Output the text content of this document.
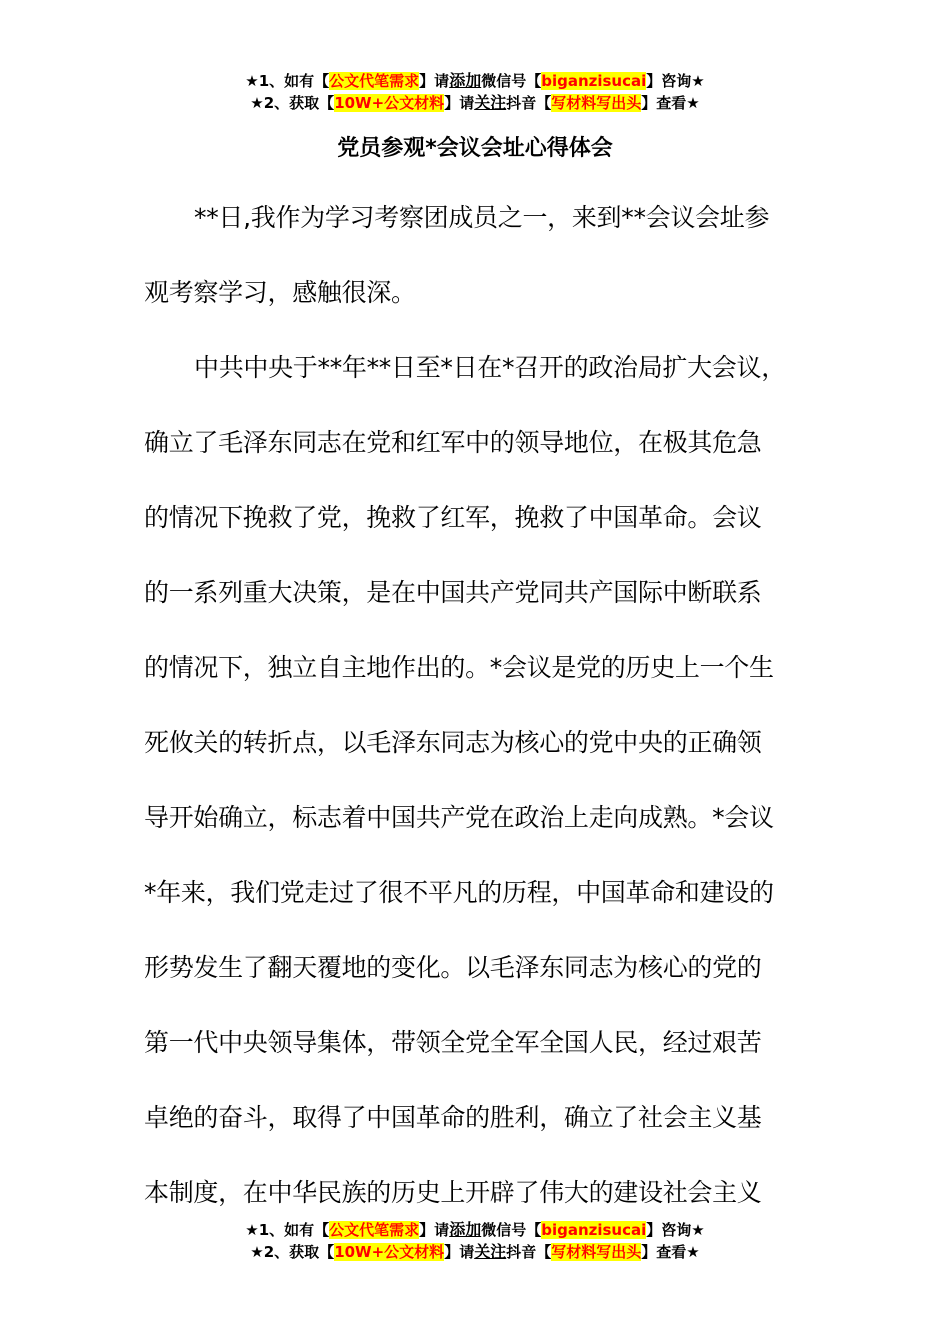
★1、如有【公文代笔需求】请添加微信号【biganzisucai】咨询★
★2、获取【10W+公文材料】请关注抖音【写材料写出头】查看★
党员参观*会议会址心得体会

**日,我作为学习考察团成员之一，来到**会议会址参
观考察学习，感触很深。

中共中央于**年**日至*日在*召开的政治局扩大会议，
确立了毛泽东同志在党和红军中的领导地位，在极其危急
的情况下挽救了党，挽救了红军，挽救了中国革命。会议
的一系列重大决策，是在中国共产党同共产国际中断联系
的情况下，独立自主地作出的。*会议是党的历史上一个生
死攸关的转折点，以毛泽东同志为核心的党中央的正确领
导开始确立，标志着中国共产党在政治上走向成熟。*会议
*年来，我们党走过了很不平凡的历程，中国革命和建设的
形势发生了翻天覆地的变化。以毛泽东同志为核心的党的
第一代中央领导集体，带领全党全军全国人民，经过艰苦
卓绝的奋斗，取得了中国革命的胜利，确立了社会主义基
本制度，在中华民族的历史上开辟了伟大的建设社会主义

★1、如有【公文代笔需求】请添加微信号【biganzisucai】咨询★
★2、获取【10W+公文材料】请关注抖音【写材料写出头】查看★
